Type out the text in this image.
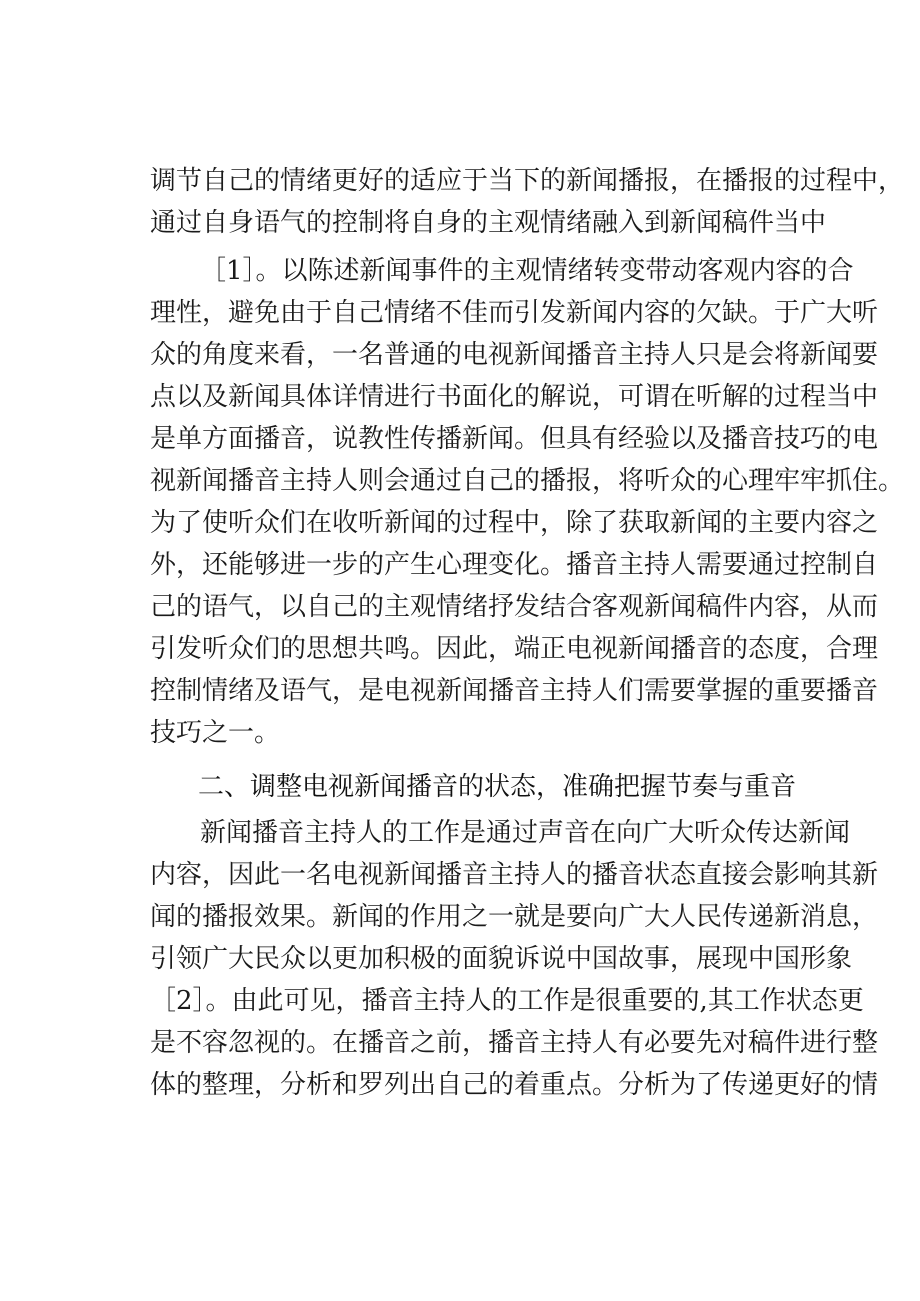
调节自己的情绪更好的适应于当下的新闻播报，在播报的过程中，
通过自身语气的控制将自身的主观情绪融入到新闻稿件当中
［1］。以陈述新闻事件的主观情绪转变带动客观内容的合
理性，避免由于自己情绪不佳而引发新闻内容的欠缺。于广大听
众的角度来看，一名普通的电视新闻播音主持人只是会将新闻要
点以及新闻具体详情进行书面化的解说，可谓在听解的过程当中
是单方面播音，说教性传播新闻。但具有经验以及播音技巧的电
视新闻播音主持人则会通过自己的播报，将听众的心理牢牢抓住。
为了使听众们在收听新闻的过程中，除了获取新闻的主要内容之
外，还能够进一步的产生心理变化。播音主持人需要通过控制自
己的语气，以自己的主观情绪抒发结合客观新闻稿件内容，从而
引发听众们的思想共鸣。因此，端正电视新闻播音的态度，合理
控制情绪及语气，是电视新闻播音主持人们需要掌握的重要播音
技巧之一。
二、调整电视新闻播音的状态，准确把握节奏与重音
新闻播音主持人的工作是通过声音在向广大听众传达新闻
内容，因此一名电视新闻播音主持人的播音状态直接会影响其新
闻的播报效果。新闻的作用之一就是要向广大人民传递新消息，
引领广大民众以更加积极的面貌诉说中国故事，展现中国形象
［2］。由此可见，播音主持人的工作是很重要的,其工作状态更
是不容忽视的。在播音之前，播音主持人有必要先对稿件进行整
体的整理，分析和罗列出自己的着重点。分析为了传递更好的情
